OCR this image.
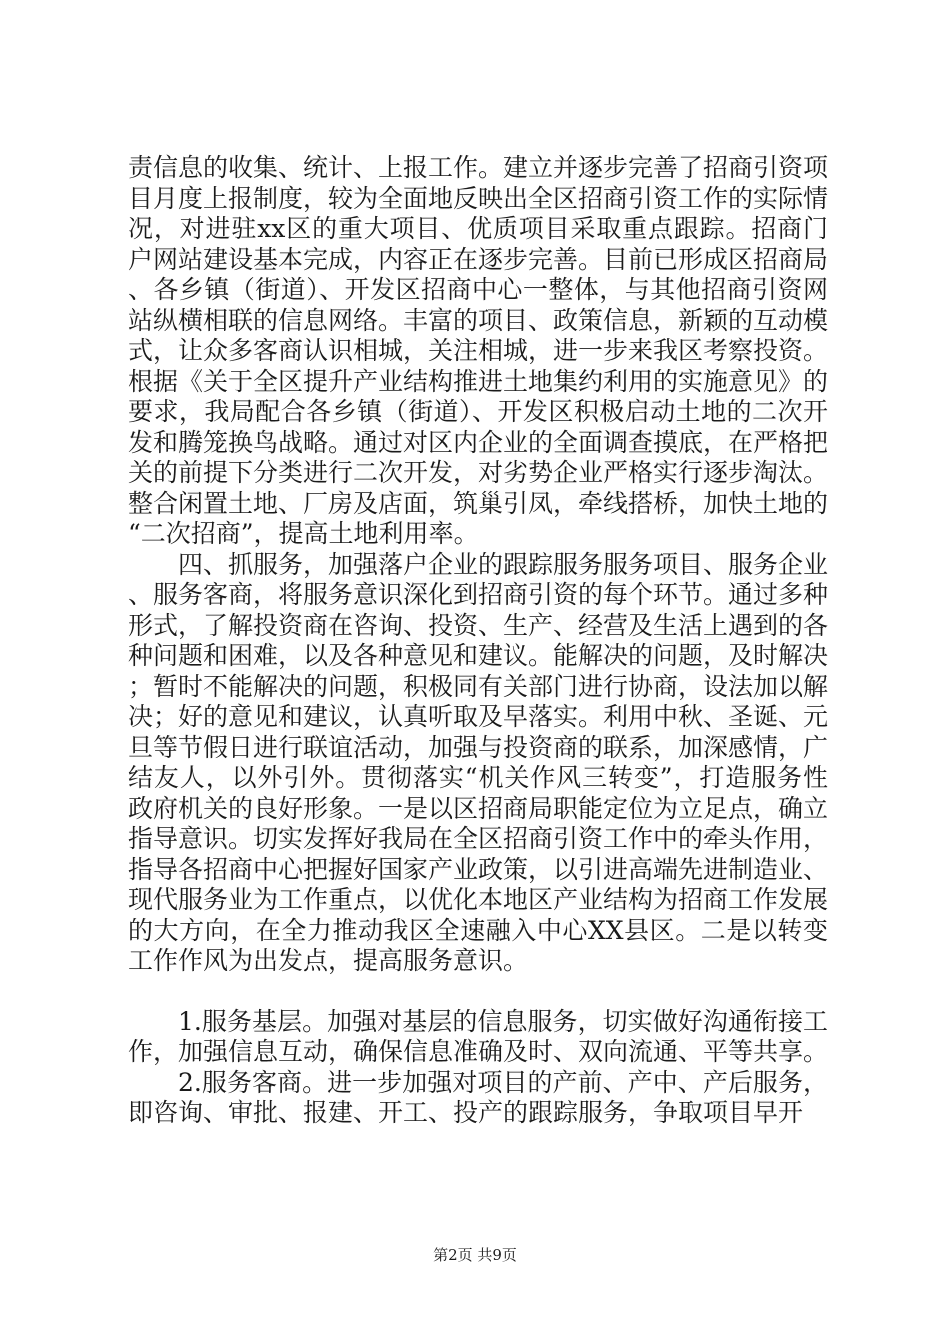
责信息的收集、统计、上报工作。建立并逐步完善了招商引资项目月度上报制度，较为全面地反映出全区招商引资工作的实际情况，对进驻xx区的重大项目、优质项目采取重点跟踪。招商门户网站建设基本完成，内容正在逐步完善。目前已形成区招商局、各乡镇（街道）、开发区招商中心一整体，与其他招商引资网站纵横相联的信息网络。丰富的项目、政策信息，新颖的互动模式，让众多客商认识相城，关注相城，进一步来我区考察投资。根据《关于全区提升产业结构推进土地集约利用的实施意见》的要求，我局配合各乡镇（街道）、开发区积极启动土地的二次开发和腾笼换鸟战略。通过对区内企业的全面调查摸底，在严格把关的前提下分类进行二次开发，对劣势企业严格实行逐步淘汰。整合闲置土地、厂房及店面，筑巢引凤，牵线搭桥，加快土地的“二次招商”，提高土地利用率。

四、抓服务，加强落户企业的跟踪服务服务项目、服务企业、服务客商，将服务意识深化到招商引资的每个环节。通过多种形式，了解投资商在咨询、投资、生产、经营及生活上遇到的各种问题和困难，以及各种意见和建议。能解决的问题，及时解决；暂时不能解决的问题，积极同有关部门进行协商，设法加以解决；好的意见和建议，认真听取及早落实。利用中秋、圣诞、元旦等节假日进行联谊活动，加强与投资商的联系，加深感情，广结友人，以外引外。贯彻落实“机关作风三转变”，打造服务性政府机关的良好形象。一是以区招商局职能定位为立足点，确立指导意识。切实发挥好我局在全区招商引资工作中的牵头作用，指导各招商中心把握好国家产业政策，以引进高端先进制造业、现代服务业为工作重点，以优化本地区产业结构为招商工作发展的大方向，在全力推动我区全速融入中心XX县区。二是以转变工作作风为出发点，提高服务意识。

1.服务基层。加强对基层的信息服务，切实做好沟通衔接工作，加强信息互动，确保信息准确及时、双向流通、平等共享。

2.服务客商。进一步加强对项目的产前、产中、产后服务，即咨询、审批、报建、开工、投产的跟踪服务，争取项目早开

第2页 共9页
